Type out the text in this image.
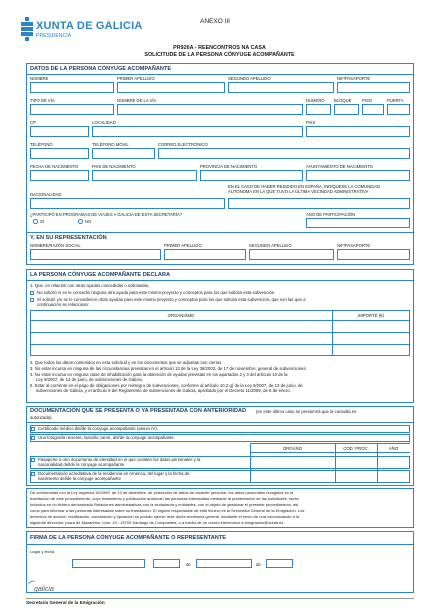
XUNTA DE GALICIA
PRESIDENCIA
ANEXO III
PR926A - REENCONTROS NA CASA
SOLICITUDE DE LA PERSONA CÓNYUGE ACOMPAÑANTE
DATOS DE LA PERSONA CÓNYUGE ACOMPAÑANTE
NOMBRE	PRIMER APELLIDO	SEGUNDO APELLIDO	NIF/PASAPORTE
TIPO DE VÍA	NOMBRE DE LA VÍA	NÚMERO BLOQUE	PISO	PUERTA
CP	LOCALIDAD	PAÍS
TELÉFONO	TELÉFONO MÓVIL	CORREO ELECTRÓNICO
FECHA DE NACIMIENTO	PAÍS DE NACIMIENTO	PROVINCIA DE NACIMIENTO	AYUNTAMIENTO DE NACIMIENTO
EN EL CASO DE HABER RESIDIDO EN ESPAÑA, INDÍQUESE LA COMUNIDAD
AUTÓNOMA EN LA QUE TUVO LA ÚLTIMA VECINDAD ADMINISTRATIVA
NACIONALIDAD
¿PARTICIPÓ EN PROGRAMAS DE VIAJES A GALICIA DE ESTA SECRETARÍA?	AÑO DE PARTICIPACIÓN
SÍ	NO
Y, EN SU REPRESENTACIÓN
NOMBRE/RAZÓN SOCIAL	PRIMER APELLIDO	SEGUNDO APELLIDO	NIF/PASAPORTE
LA PERSONA CÓNYUGE ACOMPAÑANTE DECLARA
1. Que, en relación con otras ayudas concedidas o solicitadas,
No solicitó ni se le concedió ninguna otra ayuda para este mismo proyecto y conceptos para los que solicita esta subvención.
Sí solicitó y/o se le concedieron otras ayudas para este mismo proyecto y conceptos para los que solicita esta subvención, que son las que a
continuación se relacionan:
ORGANISMO	IMPORTE (€)
2. Que todos los datos contenidos en esta solicitud y en los documentos que se adjuntan son ciertos.
3. No estar incursa en ninguna de las circunstancias previstas en el artículo 13 de la Ley 38/2003, de 17 de noviembre, general de subvenciones.
4. No estar incursa en ninguna clase de inhabilitación para la obtención de ayudas previstas en los apartados 2 y 3 del artículo 10 de la
Ley 9/2007, de 13 de junio, de subvenciones de Galicia.
5. Estar al corriente en el pago de obligaciones por reintegro de subvenciones, conforme al artículo 10.2.g) de la Ley 9/2007, de 13 de junio, de
subvenciones de Galicia, y el artículo 9 del Reglamento de subvenciones de Galicia, aprobado por el Decreto 11/2009, de 8 de enero.
DOCUMENTACIÓN QUE SE PRESENTA O YA PRESENTADA CON ANTERIORIDAD (en este último caso se presumirá que la consulta es
autorizada)
Certificado médico del/de la cónyuge acompañante (anexo IV).
Una fotografía reciente, tamaño carné, del/de la cónyuge acompañante.
ÓRGANO	CÓD. PROC.	AÑO
Pasaporte u otro documento de identidad en el que consten los datos personales y la
nacionalidad del/de la cónyuge acompañante
Documentación acreditativa de la residencia en América, del lugar y la fecha de
nacimiento del/de la cónyuge acompañante
De conformidad con la Ley orgánica 15/1999, de 13 de diciembre, de protección de datos de carácter personal, los datos personales recogidos en la
tramitación de este procedimiento, cuyo tratamiento y publicación autorizan las personas interesadas mediante la presentación de las solicitudes, serán
incluidos en un fichero denominado Relaciones administrativas con la ciudadanía y entidades, con el objeto de gestionar el presente procedimiento, así
como para informar a las personas interesadas sobre su tramitación. El órgano responsable de este fichero es la Secretaría General de la Emigración. Los
derechos de acceso, rectificación, cancelación y oposición se podrán ejercer ante dicha secretaría general, mediante el envío de una comunicación a la
siguiente dirección: plaza de Mazarelos, núm. 15 - 15703 Santiago de Compostela, o a través de un correo electrónico a emigracion@xunta.es
FIRMA DE LA PERSONA CÓNYUGE ACOMPAÑANTE O REPRESENTANTE
Lugar y fecha
,	de	de
galicia
Secretaría General de la Emigración
